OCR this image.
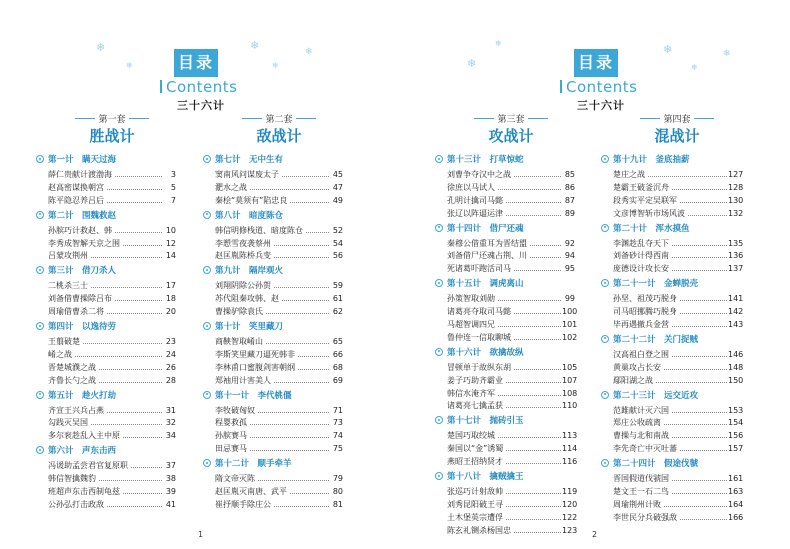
❄
❄
❄
❄
❄
目录
Contents
三十六计
第一套
胜战计
第一计　瞒天过海
薛仁贵献计渡渤海	3
赵高密谋换朝宫	5
陈平隐忍养吕后	7
第二计　围魏救赵
孙膑巧计救赵、韩	10
李秀成智解天京之围	12
吕蒙攻荆州	14
第三计　借刀杀人
二桃杀三士	17
刘备借曹操除吕布	18
周瑜借曹杀二将	20
第四计　以逸待劳
王翦破楚	23
崤之战	24
晋楚城濮之战	26
齐鲁长勺之战	28
第五计　趁火打劫
齐宣王兴兵占燕	31
勾践灭吴国	32
多尔衮趁乱入主中原	34
第六计　声东击西
冯谖助孟尝君官复原职	37
韩信智擒魏豹	38
班超声东击西制龟兹	39
公孙弘打击政敌	41
第二套
敌战计
第七计　无中生有
窦南风问谋废太子	45
淝水之战	47
秦桧“莫须有”陷忠良	49
第八计　暗度陈仓
韩信明修栈道、暗度陈仓	52
李愬雪夜袭蔡州	54
赵匡胤陈桥兵变	56
第九计　隔岸观火
刘翔阴除公孙贺	59
苏代阻秦攻韩、赵	61
曹操驴除袁氏	62
第十计　笑里藏刀
商鞅智取崤山	65
李斯笑里藏刀逼死韩非	66
李林甫口蜜腹剑害朝纲	68
郑袖用计害美人	69
第十一计　李代桃僵
李牧破匈奴	71
程婴救孤	73
孙膑赛马	74
田忌赛马	75
第十二计　顺手牵羊
隋文帝灭陈	79
赵匡胤灭南唐、武平	80
崔抒顺手除庄公	81
1
❄
❄	❄
❄
❄
目录
Contents
三十六计
第三套
攻战计
第十三计　打草惊蛇
刘曹争夺汉中之战	85
徐庶以马试人	86
孔明计擒司马懿	87
张辽以阵逼运津	89
第十四计　借尸还魂
秦穆公借重耳为晋结盟	92
刘备借尸还魂占荆、川	94
死诸葛吓跑活司马	95
第十五计　调虎离山
孙策智取刘勋	99
诸葛亮夺取司马懿	100
马超智调四兄	101
鲁仲连一信取聊城	102
第十六计　欲擒故纵
冒顿单于故纵东胡	105
姜子巧助齐霸业	107
韩信水淹齐军	108
诸葛亮七擒孟获	110
第十七计　抛砖引玉
楚国巧取绞城	113
秦国以“金”诱蜀	114
燕昭王招纳贤才	116
第十八计　擒贼擒王
张巡巧计射敌帅	119
刘秀昆阳破王寻	120
土木堡英宗遭俘	122
陈玄礼铡杀杨国忠	123
第四套
混战计
第十九计　釜底抽薪
楚庄之战	127
楚霸王破釜沉舟	128
段秀实平定吴联军	130
文彦博智斩市场风波	132
第二十计　浑水摸鱼
李渊趁乱夺天下	135
刘备砂计得西南	136
庞德设计攻长安	137
第二十一计　金蝉脱壳
孙坚、祖茂巧脱身	141
司马昭挪腾巧脱身	142
毕再遇撤兵金营	143
第二十二计　关门捉贼
汉高祖白登之围	146
黄巢攻占长安	148
鄢阳湖之战	150
第二十三计　远交近攻
范雎献计灭六国	153
郑庄公收疏离	154
曹操与北和南战	156
李先奇亡中灭吐蕃	157
第二十四计　假途伐虢
晋国假道伐虢国	161
楚文王一石二鸟	163
周瑜荆州计败	164
李世民分兵破强敌	166
2
